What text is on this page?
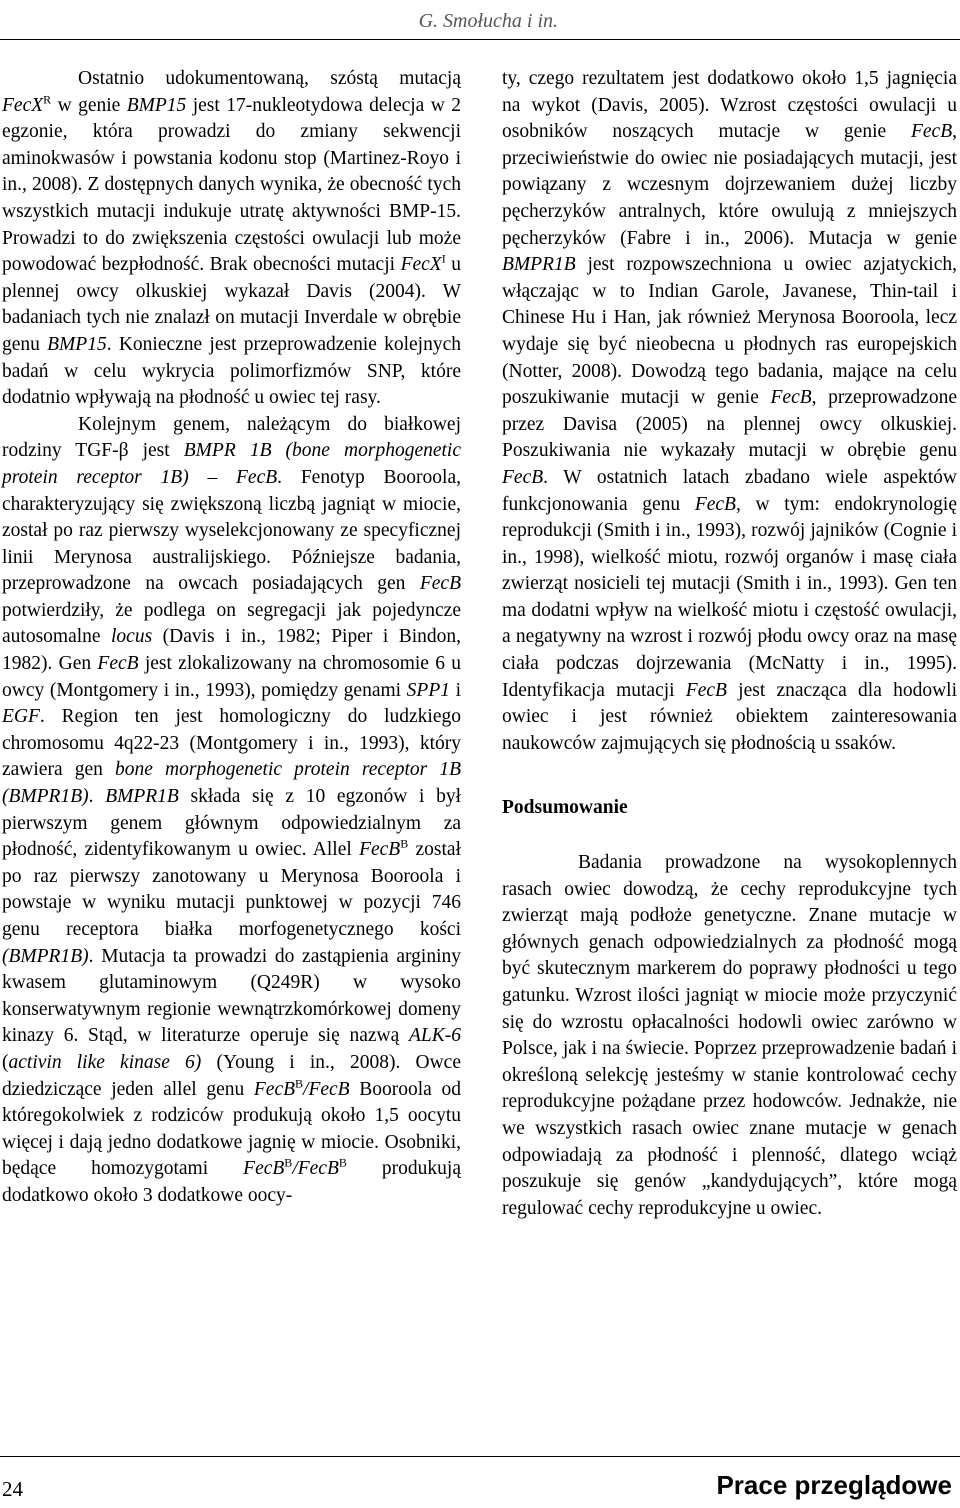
G. Smołucha i in.

Ostatnio udokumentowaną, szóstą mutacją FecX$^R$ w genie BMP15 jest 17-nukleotydowa delecja w 2 egzonie, która prowadzi do zmiany sekwencji aminokwasów i powstania kodonu stop (Martinez-Royo i in., 2008). Z dostępnych danych wynika, że obecność tych wszystkich mutacji indukuje utratę aktywności BMP-15. Prowadzi to do zwiększenia częstości owulacji lub może powodować bezpłodność. Brak obecności mutacji FecX$^I$ u plennej owcy olkuskiej wykazał Davis (2004). W badaniach tych nie znalazł on mutacji Inverdale w obrębie genu BMP15. Konieczne jest przeprowadzenie kolejnych badań w celu wykrycia polimorfizmów SNP, które dodatnio wpływają na płodność u owiec tej rasy.

Kolejnym genem, należącym do białkowej rodziny TGF-β jest BMPR 1B (bone morphogenetic protein receptor 1B) – FecB. Fenotyp Booroola, charakteryzujący się zwiększoną liczbą jagniąt w miocie, został po raz pierwszy wyselekcjonowany ze specyficznej linii Merynosa australijskiego. Późniejsze badania, przeprowadzone na owcach posiadających gen FecB potwierdziły, że podlega on segregacji jak pojedyncze autosomalne locus (Davis i in., 1982; Piper i Bindon, 1982). Gen FecB jest zlokalizowany na chromosomie 6 u owcy (Montgomery i in., 1993), pomiędzy genami SPP1 i EGF. Region ten jest homologiczny do ludzkiego chromosomu 4q22-23 (Montgomery i in., 1993), który zawiera gen bone morphogenetic protein receptor 1B (BMPR1B). BMPR1B składa się z 10 egzonów i był pierwszym genem głównym odpowiedzialnym za płodność, zidentyfikowanym u owiec. Allel FecB$^B$ został po raz pierwszy zanotowany u Merynosa Booroola i powstaje w wyniku mutacji punktowej w pozycji 746 genu receptora białka morfogenetycznego kości (BMPR1B). Mutacja ta prowadzi do zastąpienia argininy kwasem glutaminowym (Q249R) w wysoko konserwatywnym regionie wewnątrzkomórkowej domeny kinazy 6. Stąd, w literaturze operuje się nazwą ALK-6 (activin like kinase 6) (Young i in., 2008). Owce dziedziczące jeden allel genu FecB$^B$/FecB Booroola od któregokolwiek z rodziców produkują około 1,5 oocytu więcej i dają jedno dodatkowe jagnię w miocie. Osobniki, będące homozygotami FecB$^B$/FecB$^B$ produkują dodatkowo około 3 dodatkowe oocy-

ty, czego rezultatem jest dodatkowo około 1,5 jagnięcia na wykot (Davis, 2005). Wzrost częstości owulacji u osobników noszących mutacje w genie FecB, przeciwieństwie do owiec nie posiadających mutacji, jest powiązany z wczesnym dojrzewaniem dużej liczby pęcherzyków antralnych, które owulują z mniejszych pęcherzyków (Fabre i in., 2006). Mutacja w genie BMPR1B jest rozpowszechniona u owiec azjatyckich, włączając w to Indian Garole, Javanese, Thin-tail i Chinese Hu i Han, jak również Merynosa Booroola, lecz wydaje się być nieobecna u płodnych ras europejskich (Notter, 2008). Dowodzą tego badania, mające na celu poszukiwanie mutacji w genie FecB, przeprowadzone przez Davisa (2005) na plennej owcy olkuskiej. Poszukiwania nie wykazały mutacji w obrębie genu FecB. W ostatnich latach zbadano wiele aspektów funkcjonowania genu FecB, w tym: endokrynologię reprodukcji (Smith i in., 1993), rozwój jajników (Cognie i in., 1998), wielkość miotu, rozwój organów i masę ciała zwierząt nosicieli tej mutacji (Smith i in., 1993). Gen ten ma dodatni wpływ na wielkość miotu i częstość owulacji, a negatywny na wzrost i rozwój płodu owcy oraz na masę ciała podczas dojrzewania (McNatty i in., 1995). Identyfikacja mutacji FecB jest znacząca dla hodowli owiec i jest również obiektem zainteresowania naukowców zajmujących się płodnością u ssaków.

Podsumowanie

Badania prowadzone na wysokoplennych rasach owiec dowodzą, że cechy reprodukcyjne tych zwierząt mają podłoże genetyczne. Znane mutacje w głównych genach odpowiedzialnych za płodność mogą być skutecznym markerem do poprawy płodności u tego gatunku. Wzrost ilości jagniąt w miocie może przyczynić się do wzrostu opłacalności hodowli owiec zarówno w Polsce, jak i na świecie. Poprzez przeprowadzenie badań i określoną selekcję jesteśmy w stanie kontrolować cechy reprodukcyjne pożądane przez hodowców. Jednakże, nie we wszystkich rasach owiec znane mutacje w genach odpowiadają za płodność i plenność, dlatego wciąż poszukuje się genów „kandydujących”, które mogą regulować cechy reprodukcyjne u owiec.

24	Prace przeglądowe
